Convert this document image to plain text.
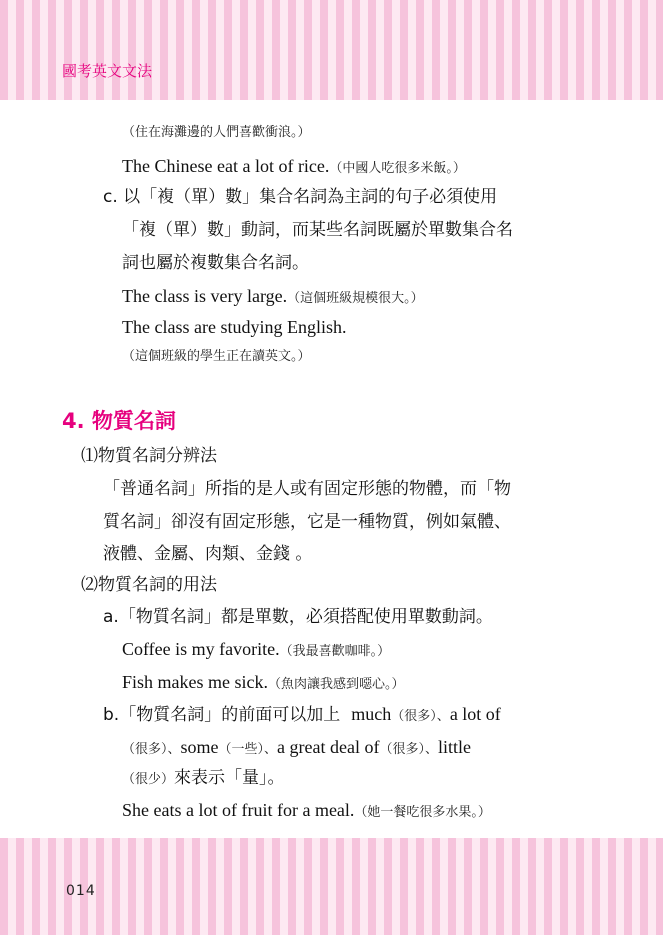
國考英文文法
（住在海灘邊的人們喜歡衝浪。）
The Chinese eat a lot of rice.（中國人吃很多米飯。）
c. 以「複（單）數」集合名詞為主詞的句子必須使用
「複（單）數」動詞，而某些名詞既屬於單數集合名
詞也屬於複數集合名詞。
The class is very large.（這個班級規模很大。）
The class are studying English.
（這個班級的學生正在讀英文。）
4. 物質名詞
⑴物質名詞分辨法
「普通名詞」所指的是人或有固定形態的物體，而「物
質名詞」卻沒有固定形態，它是一種物質，例如氣體、
液體、金屬、肉類、金錢 。
⑵物質名詞的用法
a.「物質名詞」都是單數，必須搭配使用單數動詞。
Coffee is my favorite.（我最喜歡咖啡。）
Fish makes me sick.（魚肉讓我感到噁心。）
b.「物質名詞」的前面可以加上 much（很多）、a lot of
（很多）、some（一些）、a great deal of（很多）、little
（很少）來表示「量」。
She eats a lot of fruit for a meal.（她一餐吃很多水果。）
014
